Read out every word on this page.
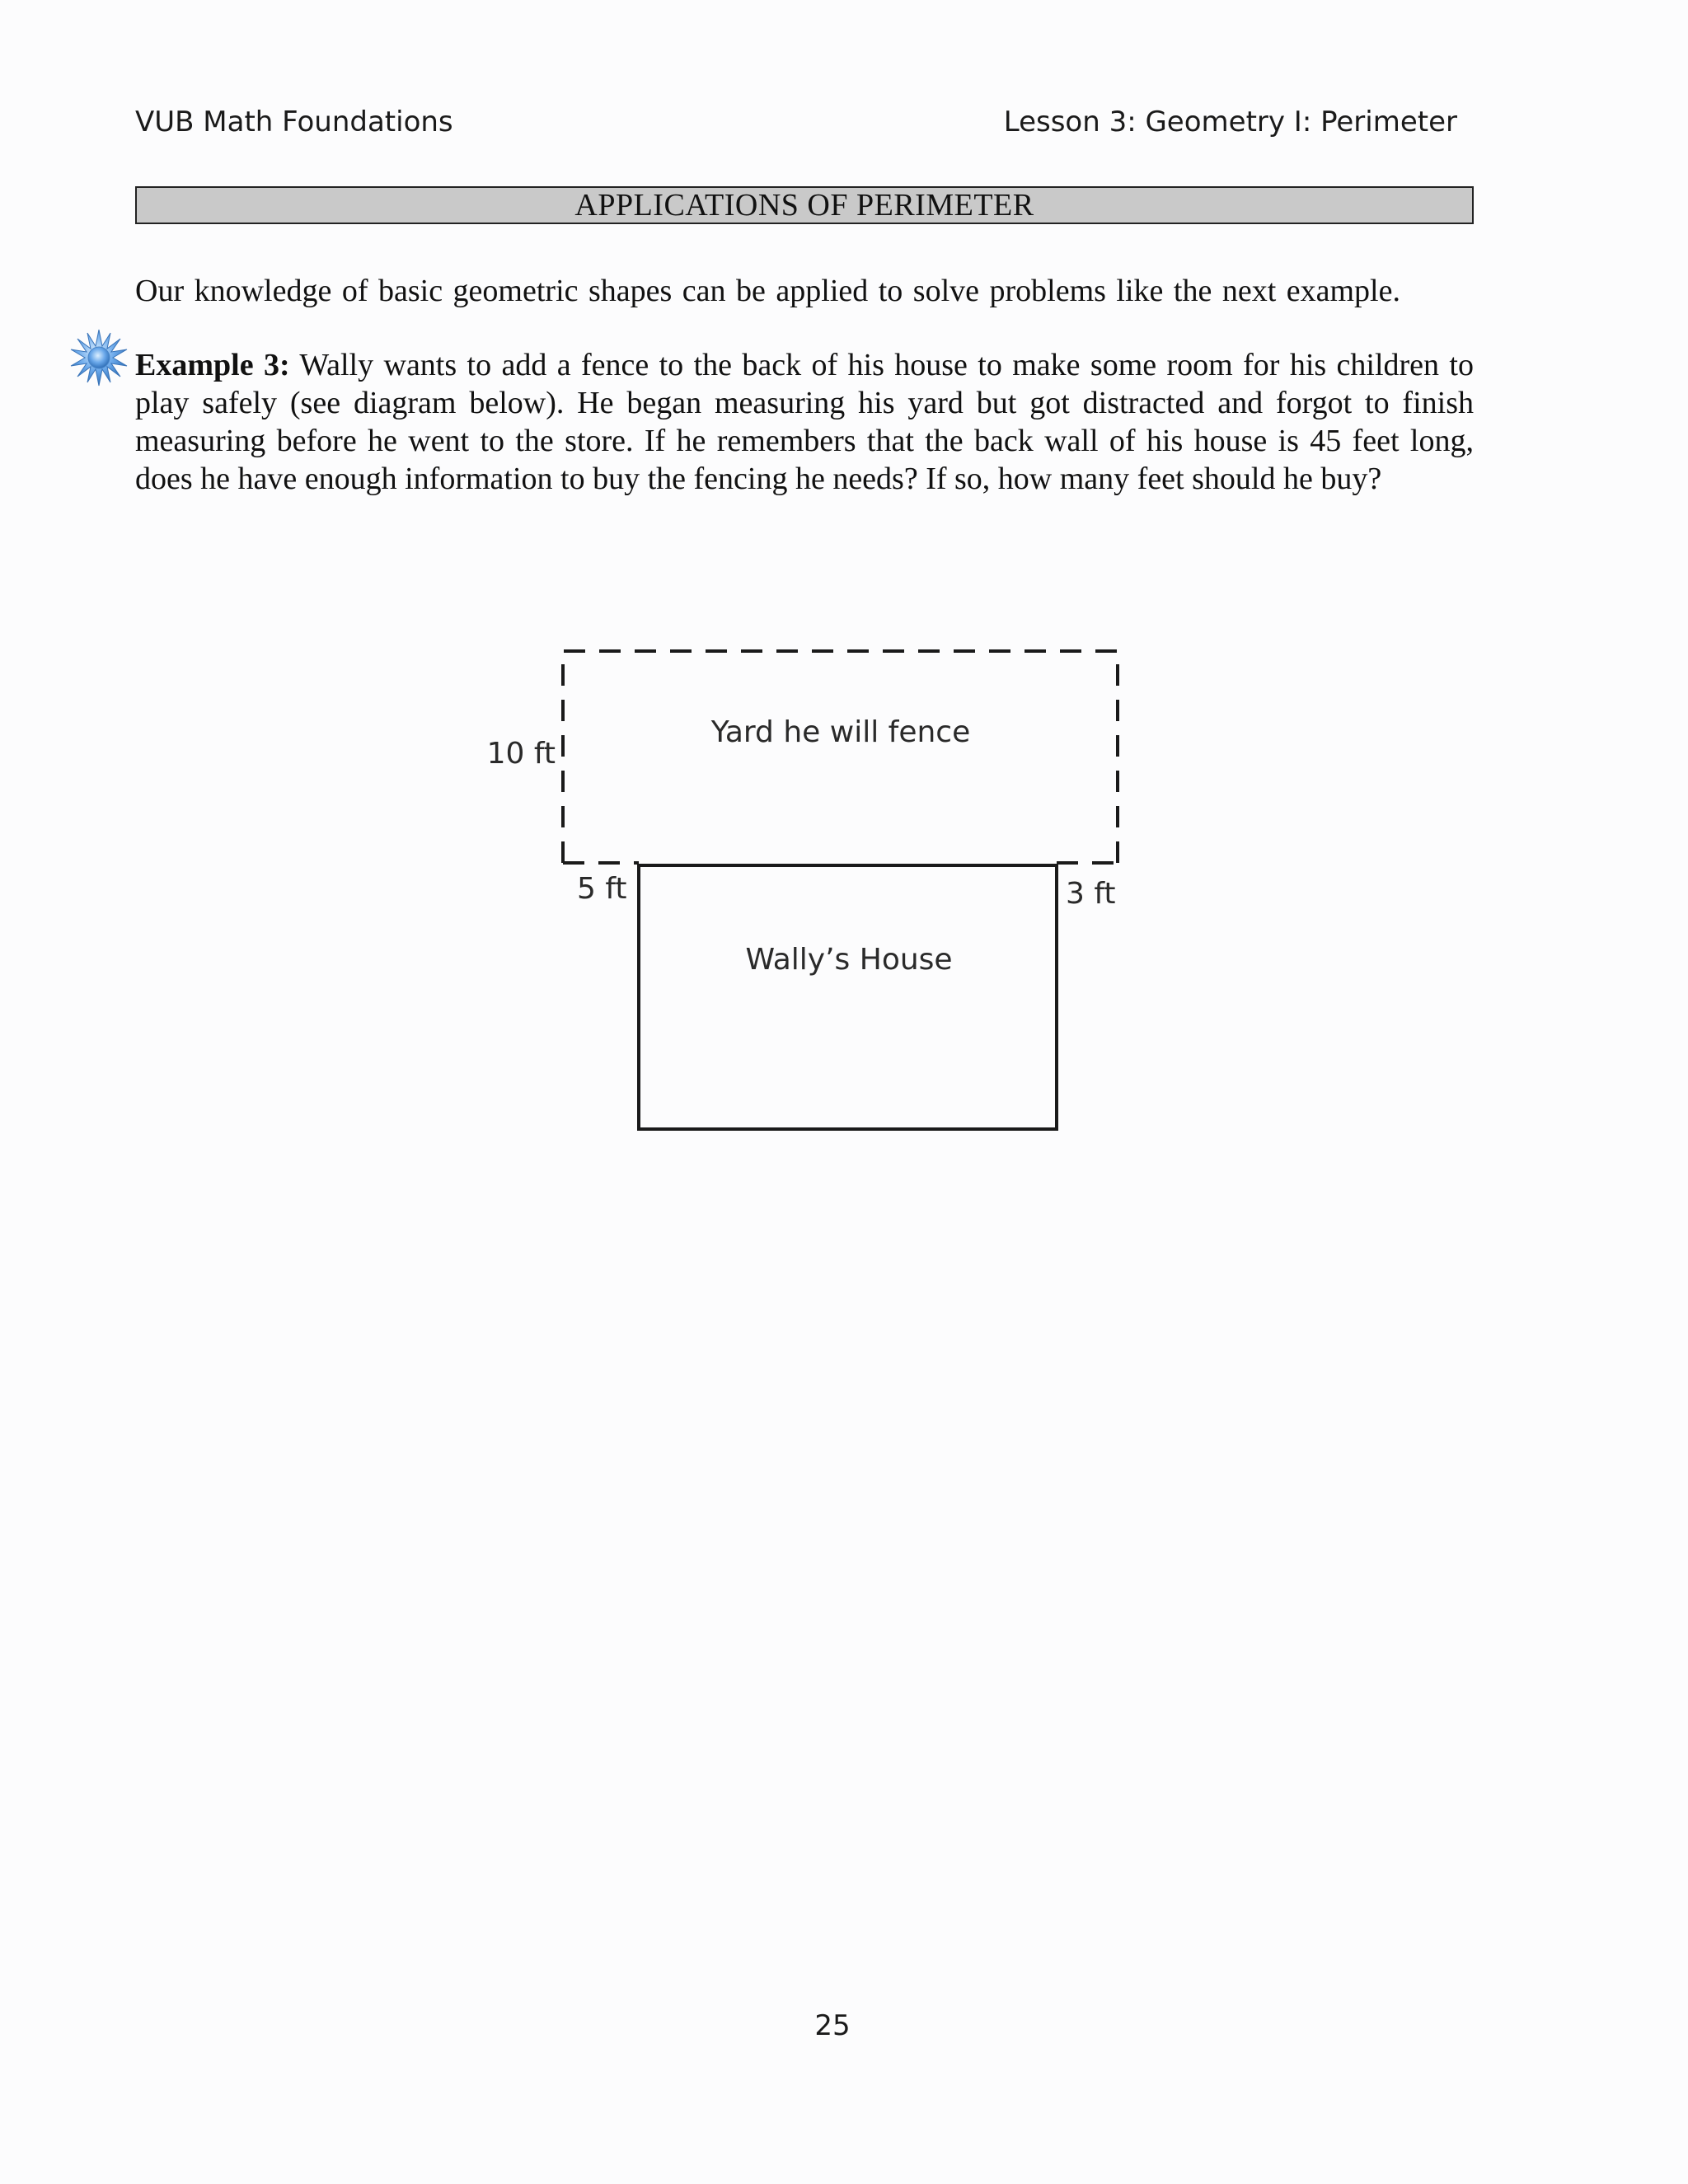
VUB Math Foundations	Lesson 3: Geometry I: Perimeter
APPLICATIONS OF PERIMETER
Our knowledge of basic geometric shapes can be applied to solve problems like the next example.
Example 3: Wally wants to add a fence to the back of his house to make some room for his children to play safely (see diagram below). He began measuring his yard but got distracted and forgot to finish measuring before he went to the store. If he remembers that the back wall of his house is 45 feet long, does he have enough information to buy the fencing he needs? If so, how many feet should he buy?
Yard he will fence
10 ft
5 ft	3 ft
Wally’s House
25
